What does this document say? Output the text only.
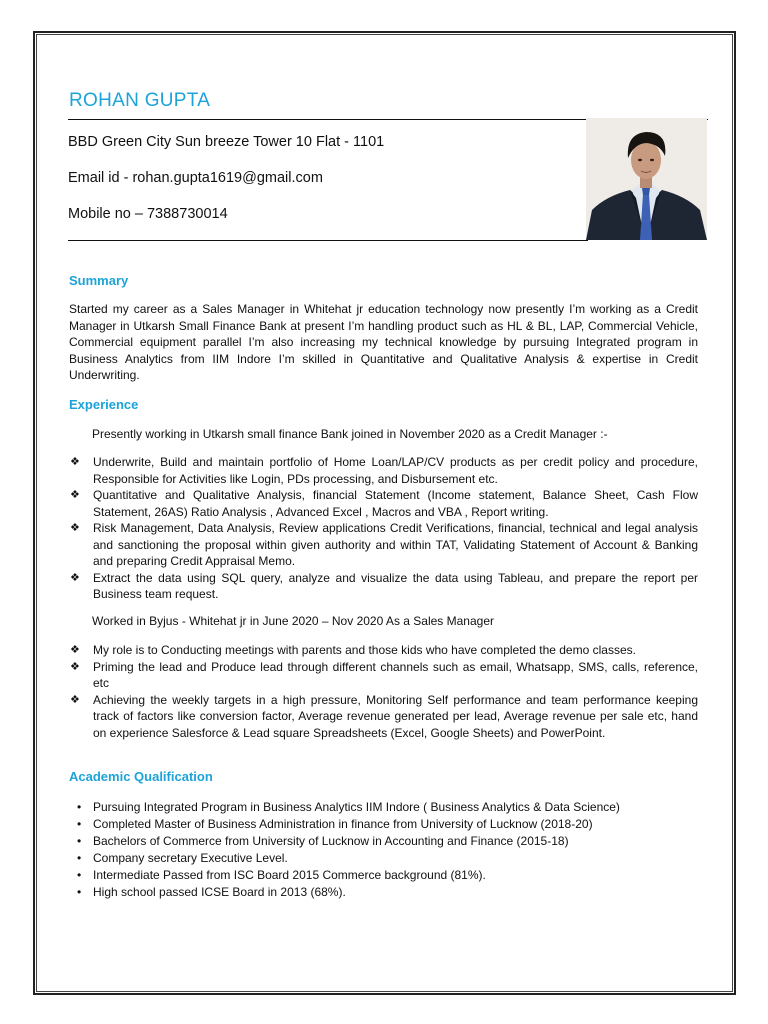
ROHAN GUPTA
BBD Green City Sun breeze Tower 10 Flat - 1101
Email id - rohan.gupta1619@gmail.com
Mobile no – 7388730014
Summary
Started my career as a Sales Manager in Whitehat jr education technology now presently I’m working as a Credit Manager in Utkarsh Small Finance Bank at present I’m handling product such as HL & BL, LAP, Commercial Vehicle, Commercial equipment parallel I’m also increasing my technical knowledge by pursuing Integrated program in Business Analytics from IIM Indore I’m skilled in Quantitative and Qualitative Analysis & expertise in Credit Underwriting.
Experience
Presently working in Utkarsh small finance Bank joined in November 2020 as a Credit Manager :-
❖ Underwrite, Build and maintain portfolio of Home Loan/LAP/CV products as per credit policy and procedure, Responsible for Activities like Login, PDs processing, and Disbursement etc.
❖ Quantitative and Qualitative Analysis, financial Statement (Income statement, Balance Sheet, Cash Flow Statement, 26AS) Ratio Analysis , Advanced Excel , Macros and VBA , Report writing.
❖ Risk Management, Data Analysis, Review applications Credit Verifications, financial, technical and legal analysis and sanctioning the proposal within given authority and within TAT, Validating Statement of Account & Banking and preparing Credit Appraisal Memo.
❖ Extract the data using SQL query, analyze and visualize the data using Tableau, and prepare the report per Business team request.
Worked in Byjus - Whitehat jr in June 2020 – Nov 2020 As a Sales Manager
❖ My role is to Conducting meetings with parents and those kids who have completed the demo classes.
❖ Priming the lead and Produce lead through different channels such as email, Whatsapp, SMS, calls, reference, etc
❖ Achieving the weekly targets in a high pressure, Monitoring Self performance and team performance keeping track of factors like conversion factor, Average revenue generated per lead, Average revenue per sale etc, hand on experience Salesforce & Lead square Spreadsheets (Excel, Google Sheets) and PowerPoint.
Academic Qualification
• Pursuing Integrated Program in Business Analytics IIM Indore ( Business Analytics & Data Science)
• Completed Master of Business Administration in finance from University of Lucknow (2018-20)
• Bachelors of Commerce from University of Lucknow in Accounting and Finance (2015-18)
• Company secretary Executive Level.
• Intermediate Passed from ISC Board 2015 Commerce background (81%).
• High school passed ICSE Board in 2013 (68%).
